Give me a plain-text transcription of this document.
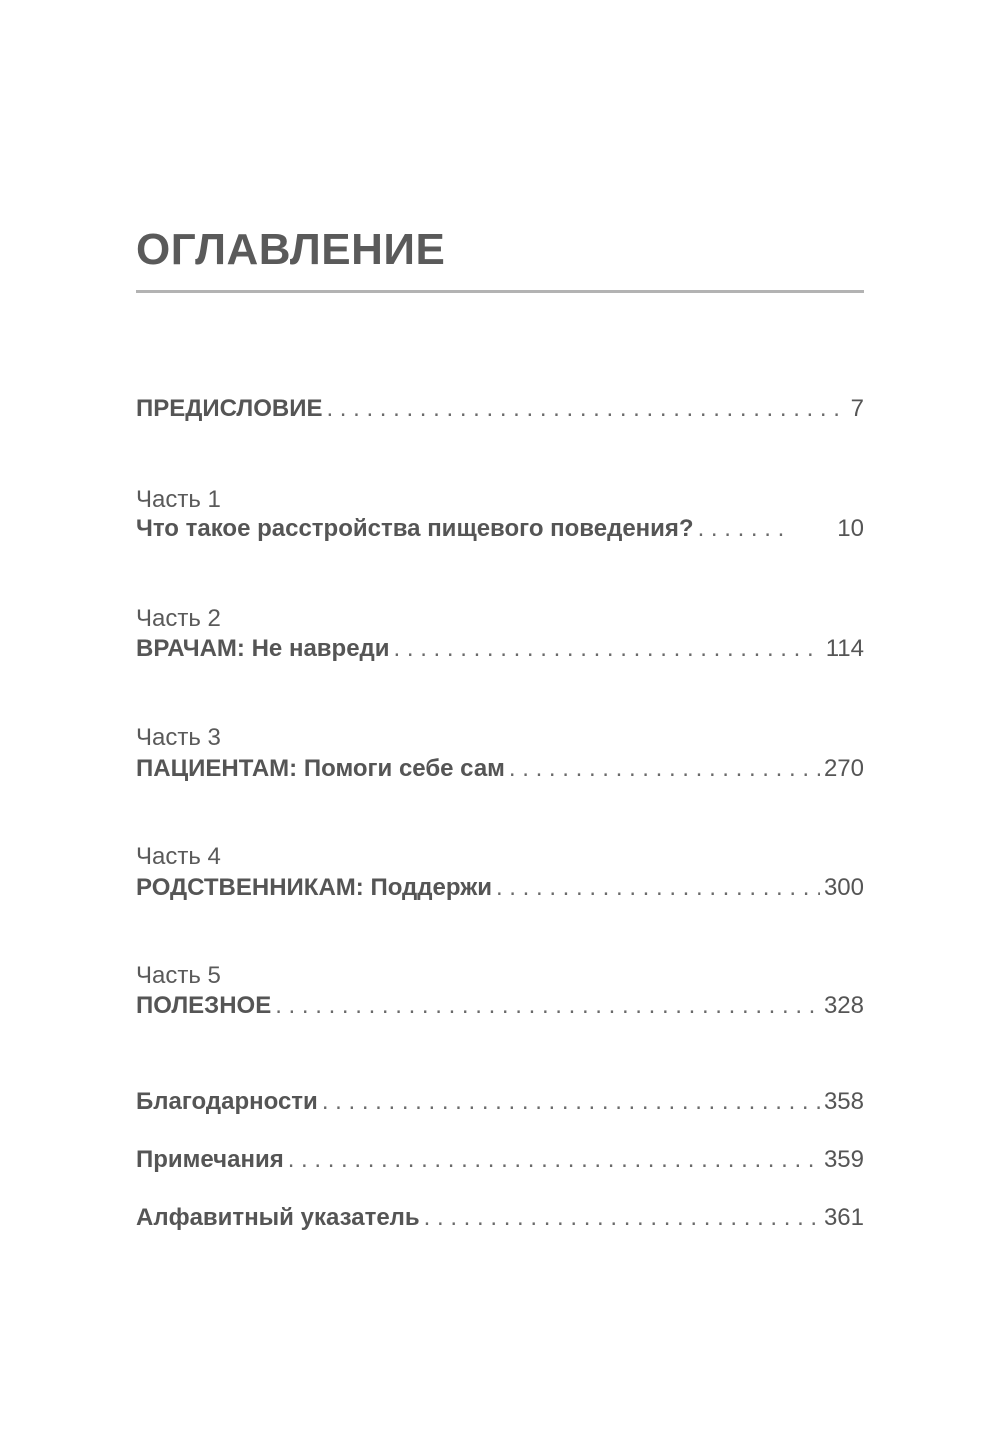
ОГЛАВЛЕНИЕ
ПРЕДИСЛОВИЕ . . .	7
Часть 1
Что такое расстройства пищевого поведения? . . .	10
Часть 2
ВРАЧАМ: Не навреди . . .	114
Часть 3
ПАЦИЕНТАМ: Помоги себе сам . . .	270
Часть 4
РОДСТВЕННИКАМ: Поддержи . . .	300
Часть 5
ПОЛЕЗНОЕ . . .	328
Благодарности . . .	358
Примечания . . .	359
Алфавитный указатель . . .	361
